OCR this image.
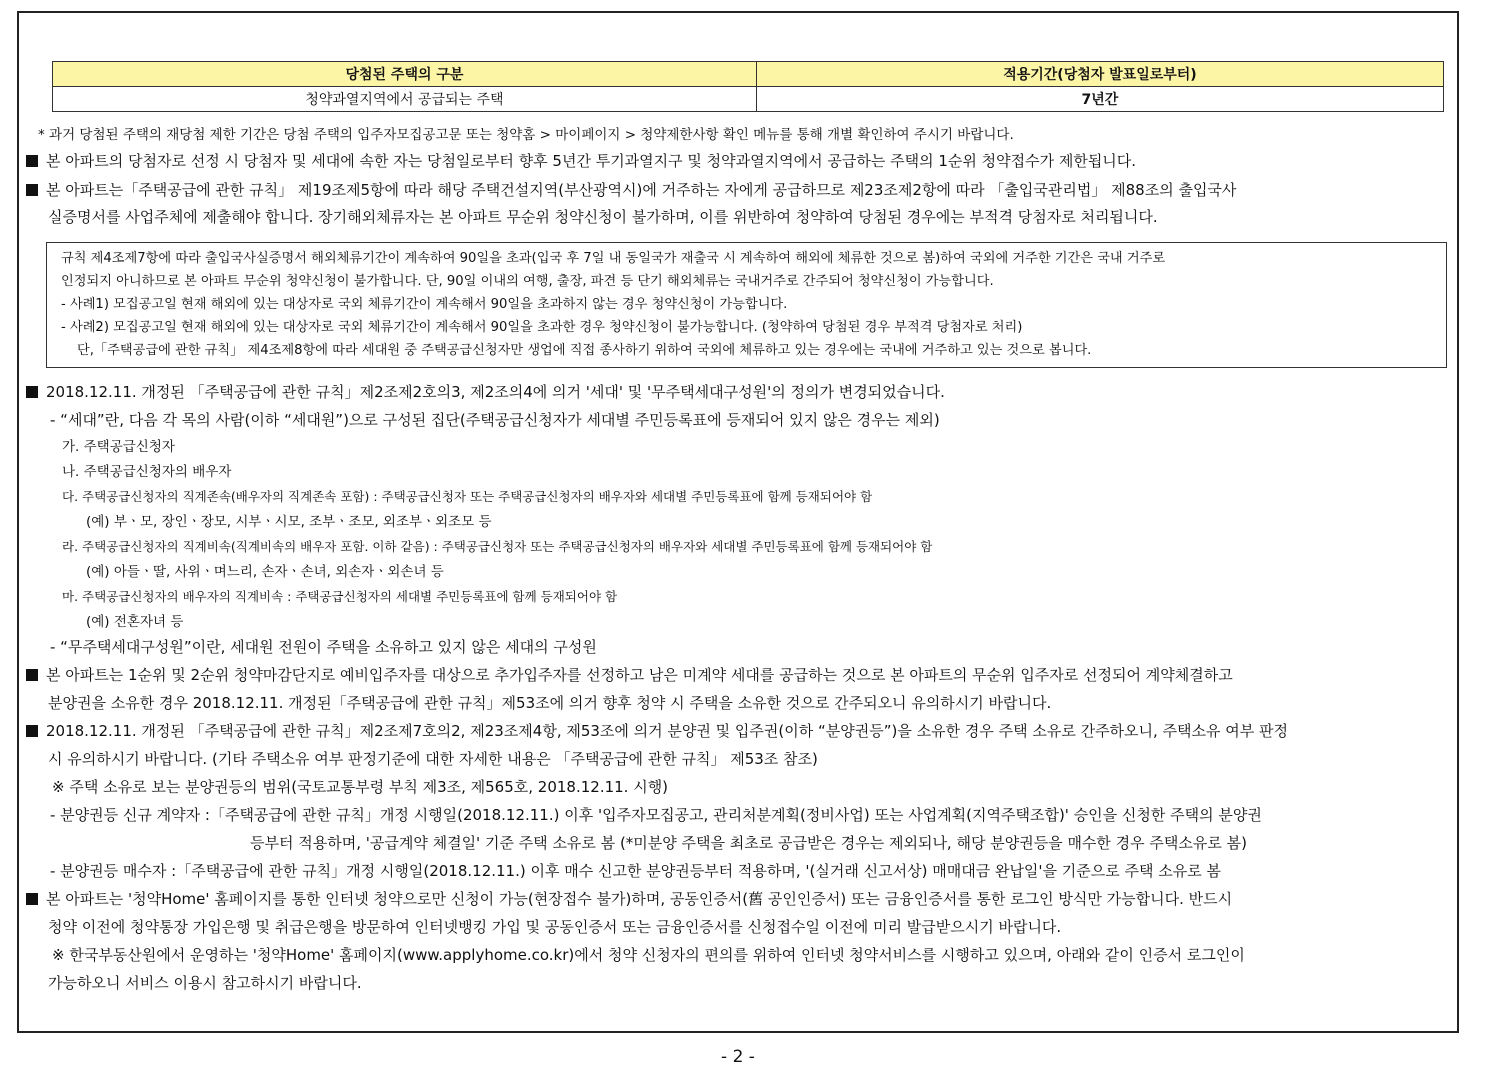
당첨된 주택의 구분	적용기간(당첨자 발표일로부터)
청약과열지역에서 공급되는 주택	7년간
* 과거 당첨된 주택의 재당첨 제한 기간은 당첨 주택의 입주자모집공고문 또는 청약홈 > 마이페이지 > 청약제한사항 확인 메뉴를 통해 개별 확인하여 주시기 바랍니다.
본 아파트의 당첨자로 선정 시 당첨자 및 세대에 속한 자는 당첨일로부터 향후 5년간 투기과열지구 및 청약과열지역에서 공급하는 주택의 1순위 청약접수가 제한됩니다.
본 아파트는「주택공급에 관한 규칙」 제19조제5항에 따라 해당 주택건설지역(부산광역시)에 거주하는 자에게 공급하므로 제23조제2항에 따라 「출입국관리법」 제88조의 출입국사
실증명서를 사업주체에 제출해야 합니다. 장기해외체류자는 본 아파트 무순위 청약신청이 불가하며, 이를 위반하여 청약하여 당첨된 경우에는 부적격 당첨자로 처리됩니다.
규칙 제4조제7항에 따라 출입국사실증명서 해외체류기간이 계속하여 90일을 초과(입국 후 7일 내 동일국가 재출국 시 계속하여 해외에 체류한 것으로 봄)하여 국외에 거주한 기간은 국내 거주로
인정되지 아니하므로 본 아파트 무순위 청약신청이 불가합니다. 단, 90일 이내의 여행, 출장, 파견 등 단기 해외체류는 국내거주로 간주되어 청약신청이 가능합니다.
- 사례1) 모집공고일 현재 해외에 있는 대상자로 국외 체류기간이 계속해서 90일을 초과하지 않는 경우 청약신청이 가능합니다.
- 사례2) 모집공고일 현재 해외에 있는 대상자로 국외 체류기간이 계속해서 90일을 초과한 경우 청약신청이 불가능합니다. (청약하여 당첨된 경우 부적격 당첨자로 처리)
단,「주택공급에 관한 규칙」 제4조제8항에 따라 세대원 중 주택공급신청자만 생업에 직접 종사하기 위하여 국외에 체류하고 있는 경우에는 국내에 거주하고 있는 것으로 봅니다.
2018.12.11. 개정된 「주택공급에 관한 규칙」제2조제2호의3, 제2조의4에 의거 '세대' 및 '무주택세대구성원'의 정의가 변경되었습니다.
- “세대”란, 다음 각 목의 사람(이하 “세대원”)으로 구성된 집단(주택공급신청자가 세대별 주민등록표에 등재되어 있지 않은 경우는 제외)
가. 주택공급신청자
나. 주택공급신청자의 배우자
다. 주택공급신청자의 직계존속(배우자의 직계존속 포함) : 주택공급신청자 또는 주택공급신청자의 배우자와 세대별 주민등록표에 함께 등재되어야 함
(예) 부ㆍ모, 장인ㆍ장모, 시부ㆍ시모, 조부ㆍ조모, 외조부ㆍ외조모 등
라. 주택공급신청자의 직계비속(직계비속의 배우자 포함. 이하 같음) : 주택공급신청자 또는 주택공급신청자의 배우자와 세대별 주민등록표에 함께 등재되어야 함
(예) 아들ㆍ딸, 사위ㆍ며느리, 손자ㆍ손녀, 외손자ㆍ외손녀 등
마. 주택공급신청자의 배우자의 직계비속 : 주택공급신청자의 세대별 주민등록표에 함께 등재되어야 함
(예) 전혼자녀 등
- “무주택세대구성원”이란, 세대원 전원이 주택을 소유하고 있지 않은 세대의 구성원
본 아파트는 1순위 및 2순위 청약마감단지로 예비입주자를 대상으로 추가입주자를 선정하고 남은 미계약 세대를 공급하는 것으로 본 아파트의 무순위 입주자로 선정되어 계약체결하고
분양권을 소유한 경우 2018.12.11. 개정된「주택공급에 관한 규칙」제53조에 의거 향후 청약 시 주택을 소유한 것으로 간주되오니 유의하시기 바랍니다.
2018.12.11. 개정된 「주택공급에 관한 규칙」제2조제7호의2, 제23조제4항, 제53조에 의거 분양권 및 입주권(이하 “분양권등”)을 소유한 경우 주택 소유로 간주하오니, 주택소유 여부 판정
시 유의하시기 바랍니다. (기타 주택소유 여부 판정기준에 대한 자세한 내용은 「주택공급에 관한 규칙」 제53조 참조)
※ 주택 소유로 보는 분양권등의 범위(국토교통부령 부칙 제3조, 제565호, 2018.12.11. 시행)
- 분양권등 신규 계약자 :「주택공급에 관한 규칙」개정 시행일(2018.12.11.) 이후 '입주자모집공고, 관리처분계획(정비사업) 또는 사업계획(지역주택조합)' 승인을 신청한 주택의 분양권
등부터 적용하며, '공급계약 체결일' 기준 주택 소유로 봄 (*미분양 주택을 최초로 공급받은 경우는 제외되나, 해당 분양권등을 매수한 경우 주택소유로 봄)
- 분양권등 매수자 :「주택공급에 관한 규칙」개정 시행일(2018.12.11.) 이후 매수 신고한 분양권등부터 적용하며, '(실거래 신고서상) 매매대금 완납일'을 기준으로 주택 소유로 봄
본 아파트는 '청약Home' 홈페이지를 통한 인터넷 청약으로만 신청이 가능(현장접수 불가)하며, 공동인증서(舊 공인인증서) 또는 금융인증서를 통한 로그인 방식만 가능합니다. 반드시
청약 이전에 청약통장 가입은행 및 취급은행을 방문하여 인터넷뱅킹 가입 및 공동인증서 또는 금융인증서를 신청접수일 이전에 미리 발급받으시기 바랍니다.
※ 한국부동산원에서 운영하는 '청약Home' 홈페이지(www.applyhome.co.kr)에서 청약 신청자의 편의를 위하여 인터넷 청약서비스를 시행하고 있으며, 아래와 같이 인증서 로그인이
가능하오니 서비스 이용시 참고하시기 바랍니다.
- 2 -
